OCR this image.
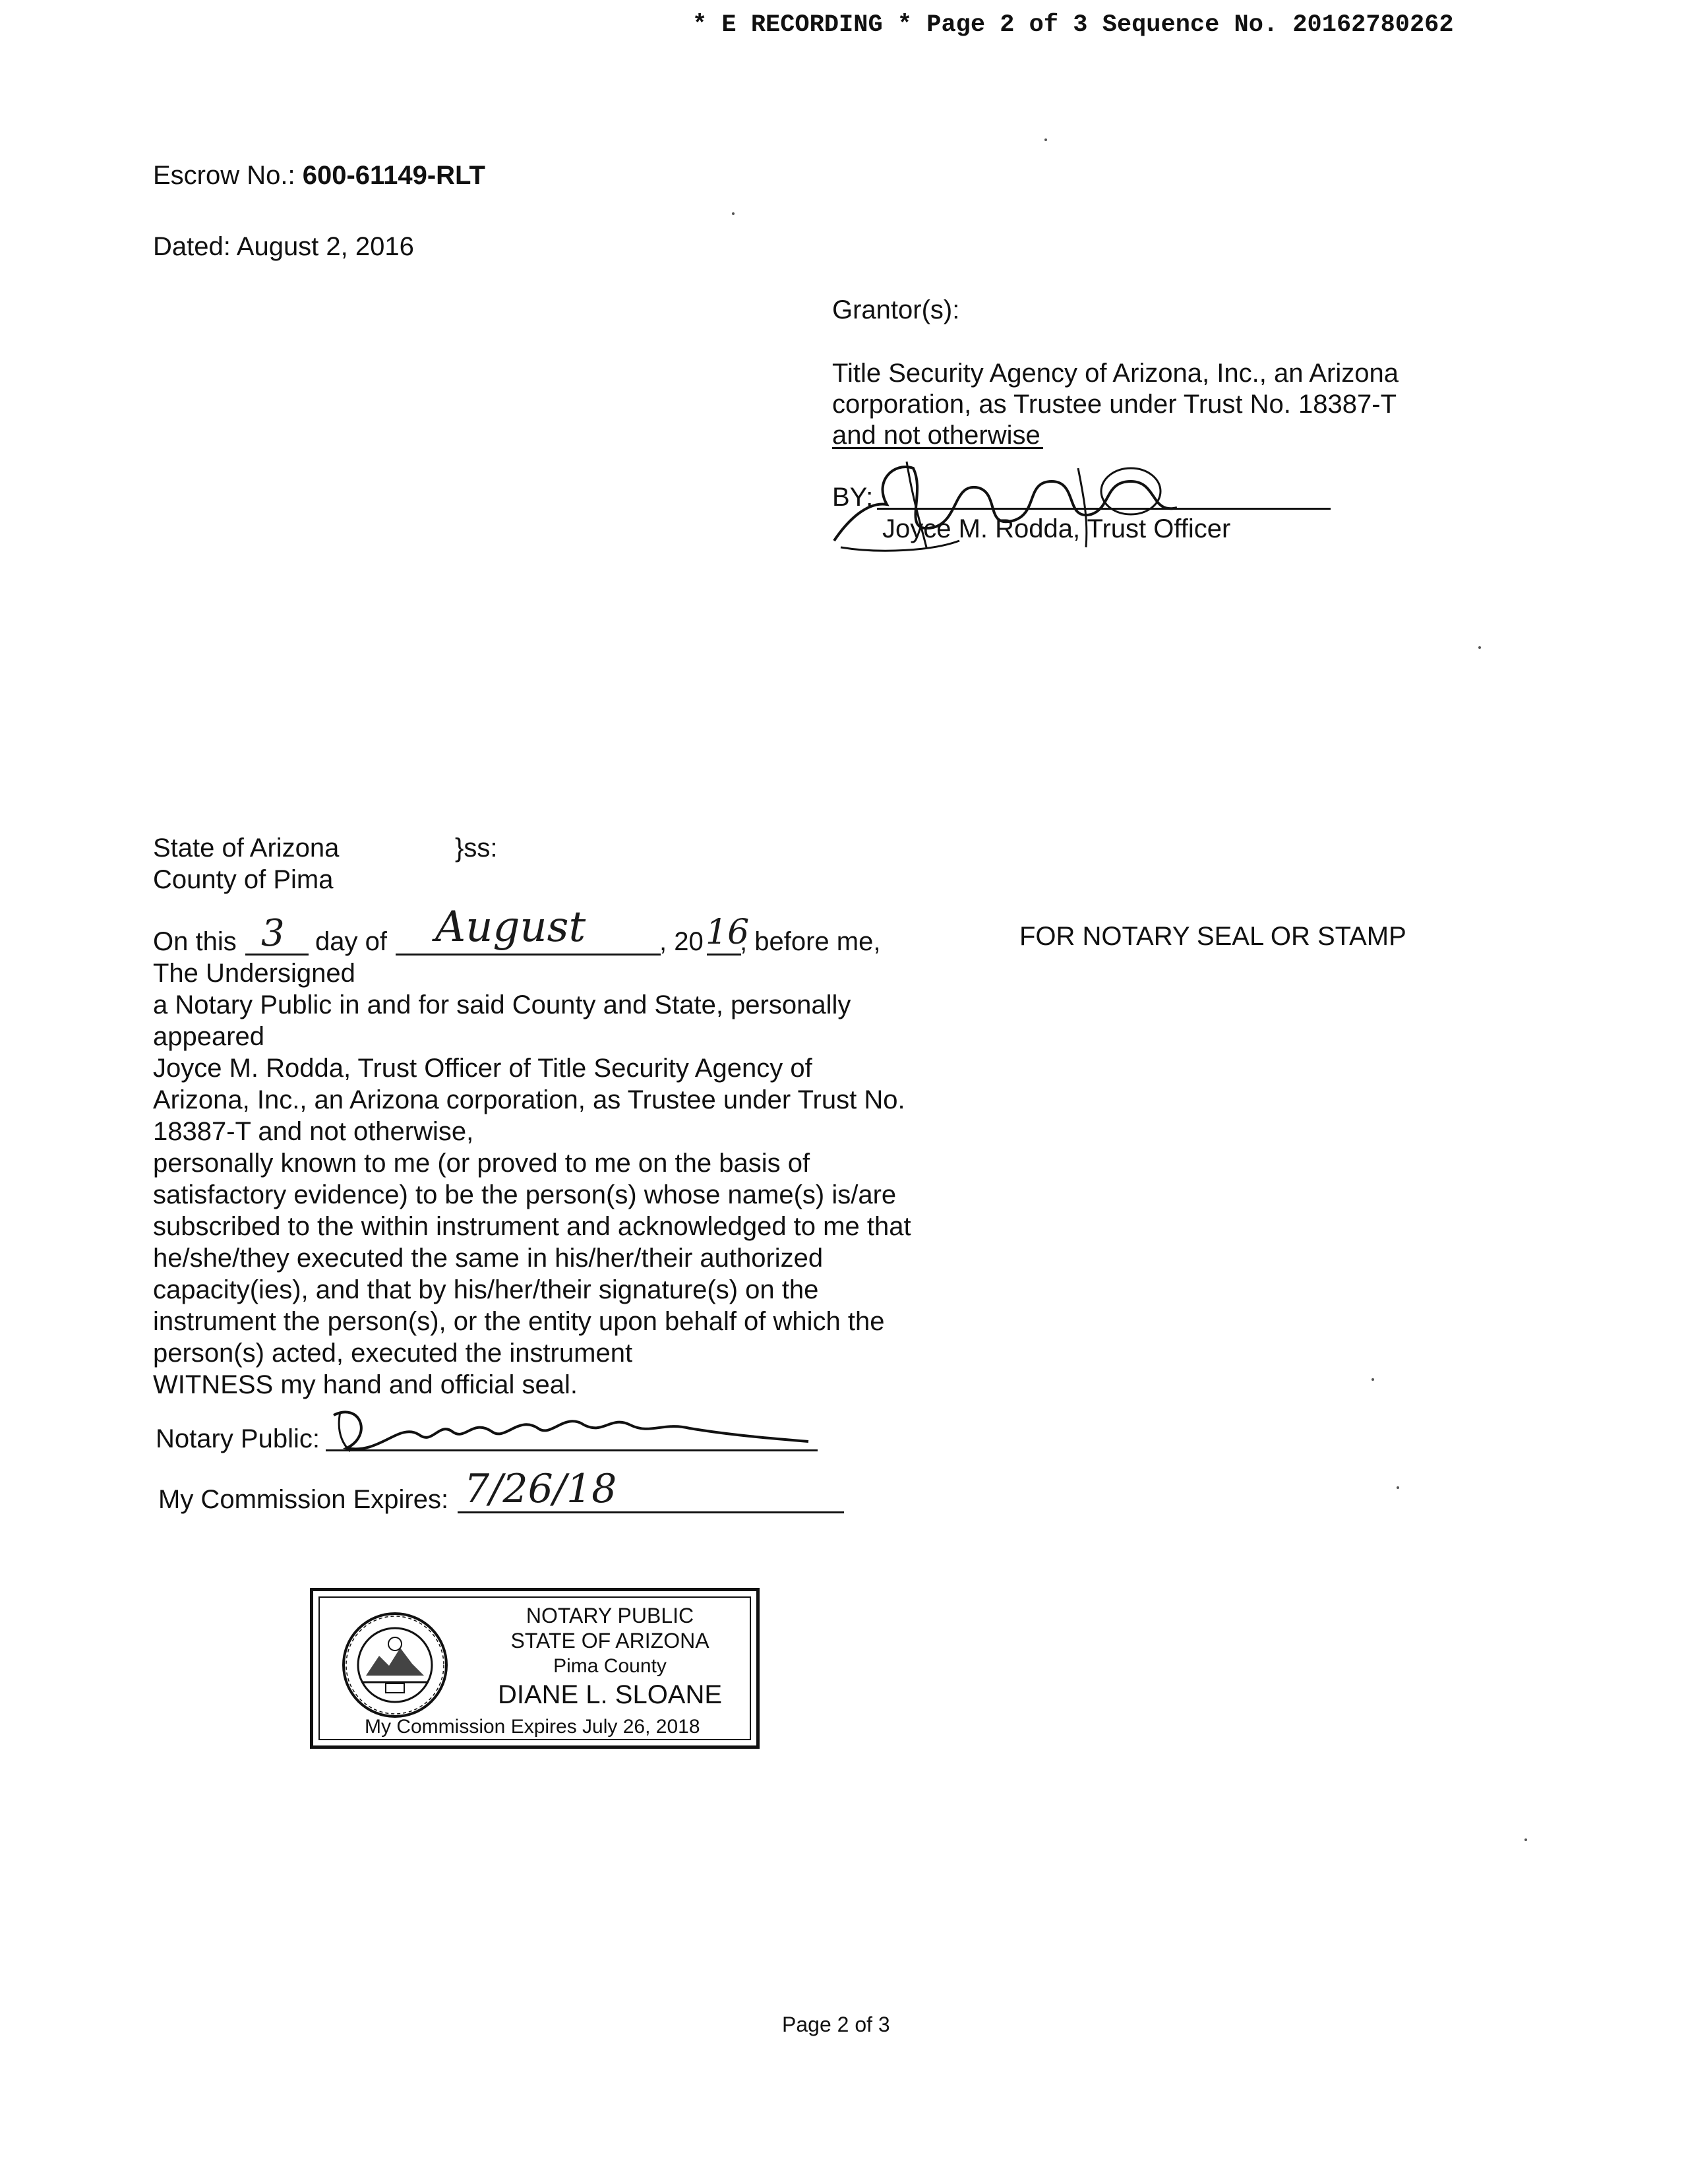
* E RECORDING * Page 2 of 3 Sequence No. 20162780262
Escrow No.: 600-61149-RLT
Dated: August 2, 2016
Grantor(s):
Title Security Agency of Arizona, Inc., an Arizona
corporation, as Trustee under Trust No. 18387-T
and not otherwise
BY:
Joyce M. Rodda, Trust Officer
State of Arizona	}ss:
County of Pima
On this 3 day of August	, 20 16
, before me,	FOR NOTARY SEAL OR STAMP
The Undersigned
a Notary Public in and for said County and State, personally
appeared
Joyce M. Rodda, Trust Officer of Title Security Agency of
Arizona, Inc., an Arizona corporation, as Trustee under Trust No.
18387-T and not otherwise,
personally known to me (or proved to me on the basis of
satisfactory evidence) to be the person(s) whose name(s) is/are
subscribed to the within instrument and acknowledged to me that
he/she/they executed the same in his/her/their authorized
capacity(ies), and that by his/her/their signature(s) on the
instrument the person(s), or the entity upon behalf of which the
person(s) acted, executed the instrument
WITNESS my hand and official seal.
Notary Public:
My Commission Expires: 7/26/18
NOTARY PUBLIC
STATE OF ARIZONA
Pima County
DIANE L. SLOANE
My Commission Expires July 26, 2018
Page 2 of 3
